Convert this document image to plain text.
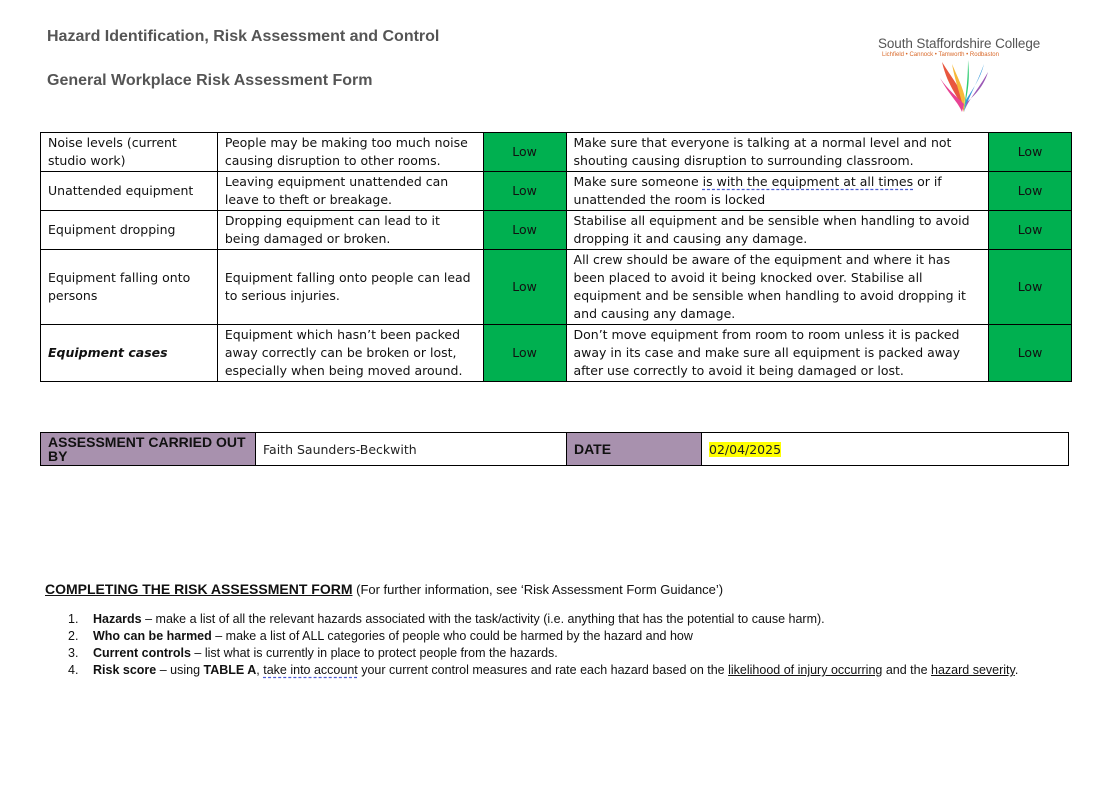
Hazard Identification, Risk Assessment and Control
General Workplace Risk Assessment Form
South Staffordshire College
Lichfield • Cannock • Tamworth • Rodbaston
Noise levels (current studio work)	People may be making too much noise causing disruption to other rooms.	Low	Make sure that everyone is talking at a normal level and not shouting causing disruption to surrounding classroom.	Low
Unattended equipment	Leaving equipment unattended can leave to theft or breakage.	Low	Make sure someone is with the equipment at all times or if unattended the room is locked	Low
Equipment dropping	Dropping equipment can lead to it being damaged or broken.	Low	Stabilise all equipment and be sensible when handling to avoid dropping it and causing any damage.	Low
Equipment falling onto persons	Equipment falling onto people can lead to serious injuries.	Low	All crew should be aware of the equipment and where it has been placed to avoid it being knocked over. Stabilise all equipment and be sensible when handling to avoid dropping it and causing any damage.	Low
Equipment cases	Equipment which hasn’t been packed away correctly can be broken or lost, especially when being moved around.	Low	Don’t move equipment from room to room unless it is packed away in its case and make sure all equipment is packed away after use correctly to avoid it being damaged or lost.	Low
ASSESSMENT CARRIED OUT BY	Faith Saunders-Beckwith	DATE	02/04/2025
COMPLETING THE RISK ASSESSMENT FORM (For further information, see ‘Risk Assessment Form Guidance’)
1.	Hazards – make a list of all the relevant hazards associated with the task/activity (i.e. anything that has the potential to cause harm).
2.	Who can be harmed – make a list of ALL categories of people who could be harmed by the hazard and how
3.	Current controls – list what is currently in place to protect people from the hazards.
4.	Risk score – using TABLE A, take into account your current control measures and rate each hazard based on the likelihood of injury occurring and the hazard severity.
